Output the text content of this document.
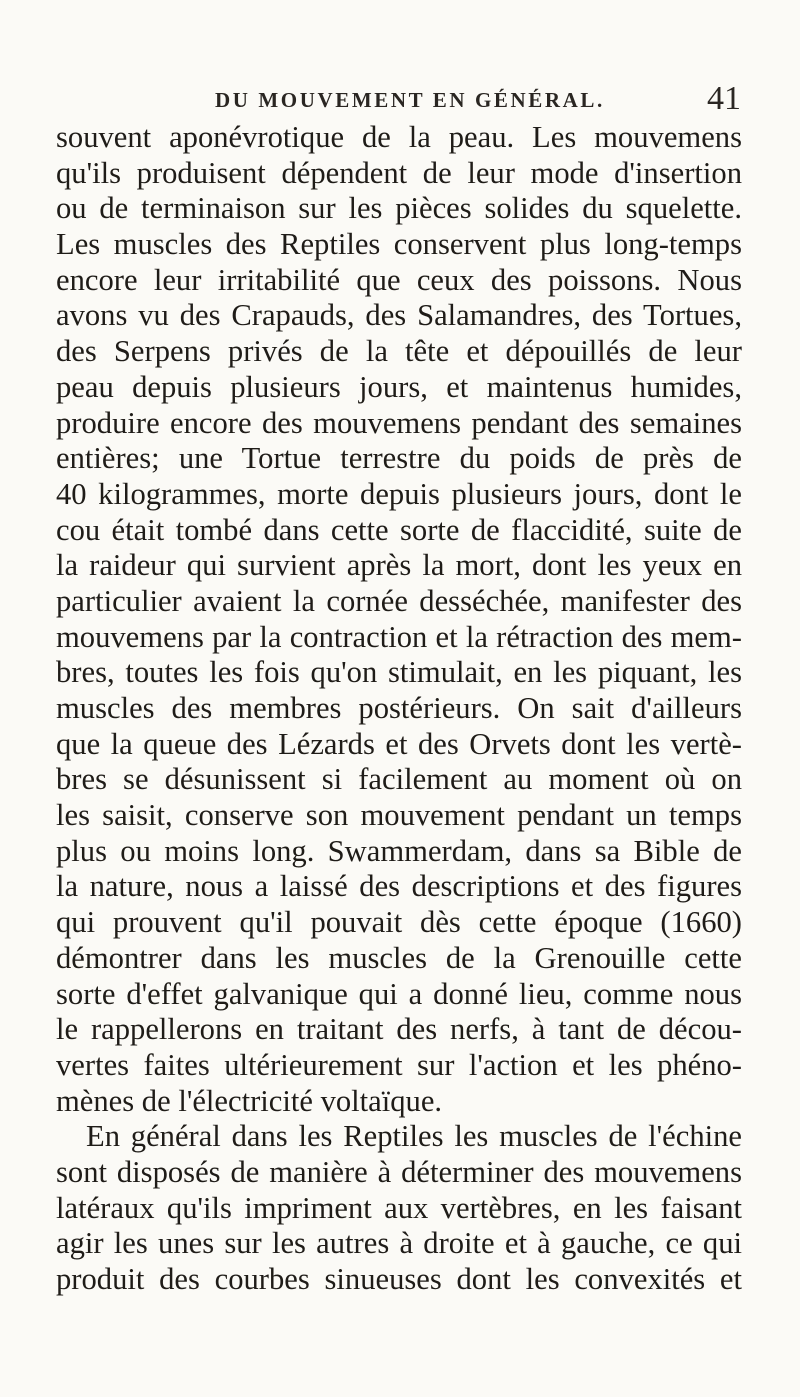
DU MOUVEMENT EN GÉNÉRAL.	41
souvent aponévrotique de la peau. Les mouvemens
qu'ils produisent dépendent de leur mode d'insertion
ou de terminaison sur les pièces solides du squelette.
Les muscles des Reptiles conservent plus long-temps
encore leur irritabilité que ceux des poissons. Nous
avons vu des Crapauds, des Salamandres, des Tortues,
des Serpens privés de la tête et dépouillés de leur
peau depuis plusieurs jours, et maintenus humides,
produire encore des mouvemens pendant des semaines
entières; une Tortue terrestre du poids de près de
40 kilogrammes, morte depuis plusieurs jours, dont le
cou était tombé dans cette sorte de flaccidité, suite de
la raideur qui survient après la mort, dont les yeux en
particulier avaient la cornée desséchée, manifester des
mouvemens par la contraction et la rétraction des mem-
bres, toutes les fois qu'on stimulait, en les piquant, les
muscles des membres postérieurs. On sait d'ailleurs
que la queue des Lézards et des Orvets dont les vertè-
bres se désunissent si facilement au moment où on
les saisit, conserve son mouvement pendant un temps
plus ou moins long. Swammerdam, dans sa Bible de
la nature, nous a laissé des descriptions et des figures
qui prouvent qu'il pouvait dès cette époque (1660)
démontrer dans les muscles de la Grenouille cette
sorte d'effet galvanique qui a donné lieu, comme nous
le rappellerons en traitant des nerfs, à tant de décou-
vertes faites ultérieurement sur l'action et les phéno-
mènes de l'électricité voltaïque.
En général dans les Reptiles les muscles de l'échine
sont disposés de manière à déterminer des mouvemens
latéraux qu'ils impriment aux vertèbres, en les faisant
agir les unes sur les autres à droite et à gauche, ce qui
produit des courbes sinueuses dont les convexités et
